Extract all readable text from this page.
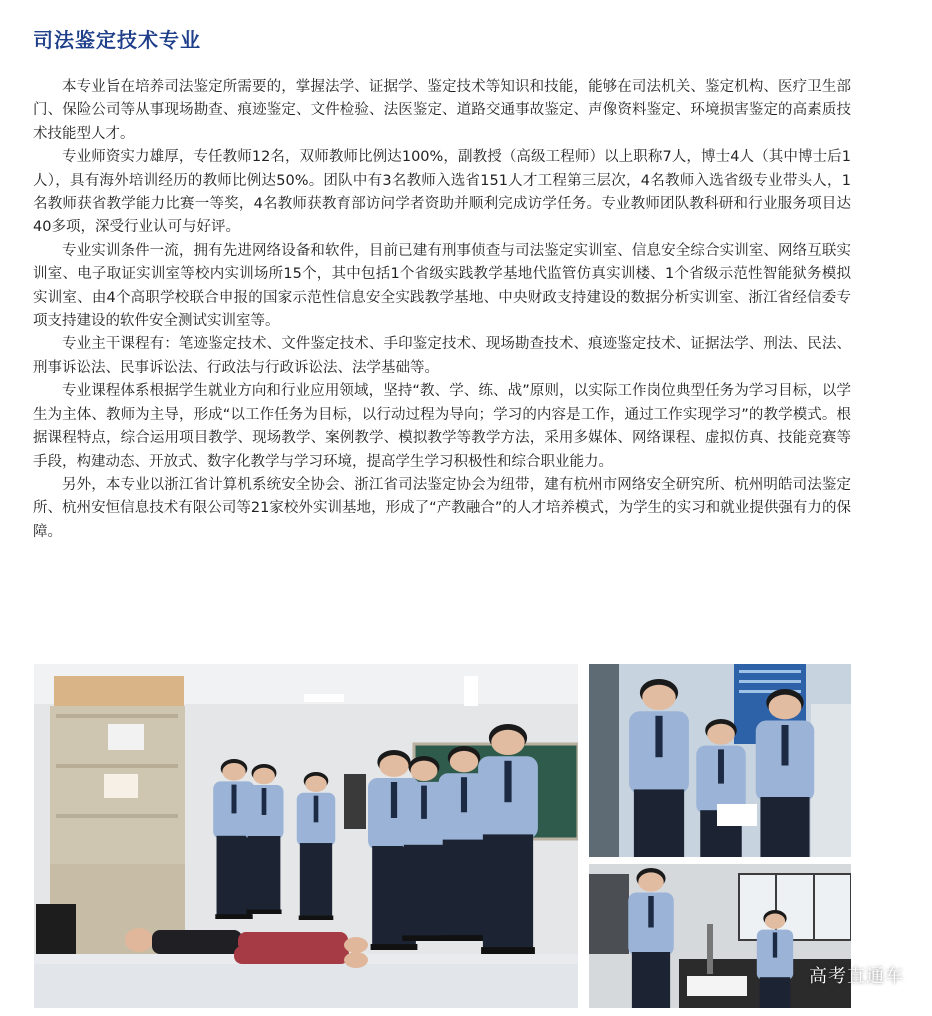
司法鉴定技术专业

本专业旨在培养司法鉴定所需要的，掌握法学、证据学、鉴定技术等知识和技能，能够在司法机关、鉴定机构、医疗卫生部门、保险公司等从事现场勘查、痕迹鉴定、文件检验、法医鉴定、道路交通事故鉴定、声像资料鉴定、环境损害鉴定的高素质技术技能型人才。

专业师资实力雄厚，专任教师12名，双师教师比例达100%，副教授（高级工程师）以上职称7人，博士4人（其中博士后1人），具有海外培训经历的教师比例达50%。团队中有3名教师入选省151人才工程第三层次，4名教师入选省级专业带头人，1名教师获省教学能力比赛一等奖，4名教师获教育部访问学者资助并顺利完成访学任务。专业教师团队教科研和行业服务项目达40多项，深受行业认可与好评。

专业实训条件一流，拥有先进网络设备和软件，目前已建有刑事侦查与司法鉴定实训室、信息安全综合实训室、网络互联实训室、电子取证实训室等校内实训场所15个，其中包括1个省级实践教学基地代监管仿真实训楼、1个省级示范性智能狱务模拟实训室、由4个高职学校联合申报的国家示范性信息安全实践教学基地、中央财政支持建设的数据分析实训室、浙江省经信委专项支持建设的软件安全测试实训室等。

专业主干课程有：笔迹鉴定技术、文件鉴定技术、手印鉴定技术、现场勘查技术、痕迹鉴定技术、证据法学、刑法、民法、刑事诉讼法、民事诉讼法、行政法与行政诉讼法、法学基础等。

专业课程体系根据学生就业方向和行业应用领域，坚持“教、学、练、战”原则，以实际工作岗位典型任务为学习目标，以学生为主体、教师为主导，形成“以工作任务为目标，以行动过程为导向；学习的内容是工作，通过工作实现学习”的教学模式。根据课程特点，综合运用项目教学、现场教学、案例教学、模拟教学等教学方法，采用多媒体、网络课程、虚拟仿真、技能竞赛等手段，构建动态、开放式、数字化教学与学习环境，提高学生学习积极性和综合职业能力。

另外，本专业以浙江省计算机系统安全协会、浙江省司法鉴定协会为纽带，建有杭州市网络安全研究所、杭州明皓司法鉴定所、杭州安恒信息技术有限公司等21家校外实训基地，形成了“产教融合”的人才培养模式，为学生的实习和就业提供强有力的保障。

高考直通车
